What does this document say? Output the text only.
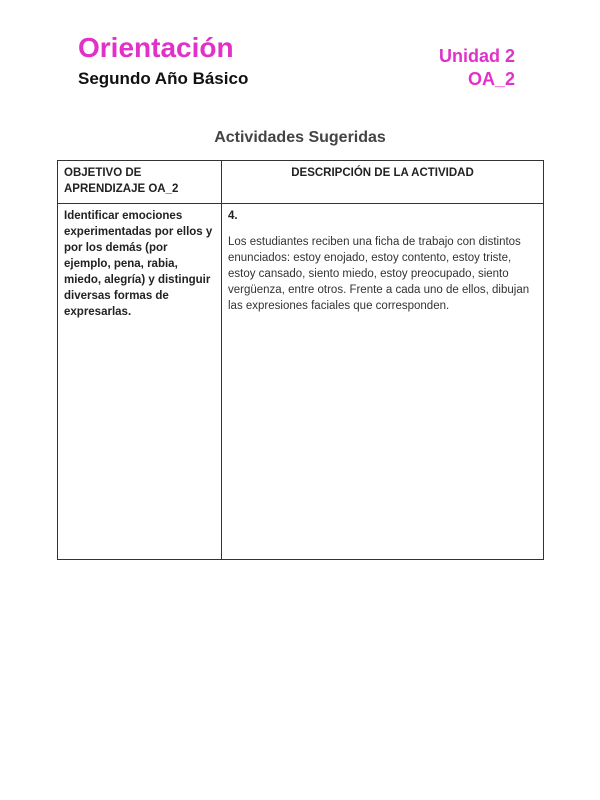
Orientación
Segundo Año Básico
Unidad 2
OA_2
Actividades Sugeridas
OBJETIVO DE APRENDIZAJE OA_2	DESCRIPCIÓN DE LA ACTIVIDAD

Identificar emociones experimentadas por ellos y por los demás (por ejemplo, pena, rabia, miedo, alegría) y distinguir diversas formas de expresarlas.	4.
Los estudiantes reciben una ficha de trabajo con distintos enunciados: estoy enojado, estoy contento, estoy triste, estoy cansado, siento miedo, estoy preocupado, siento vergüenza, entre otros. Frente a cada uno de ellos, dibujan las expresiones faciales que corresponden.
